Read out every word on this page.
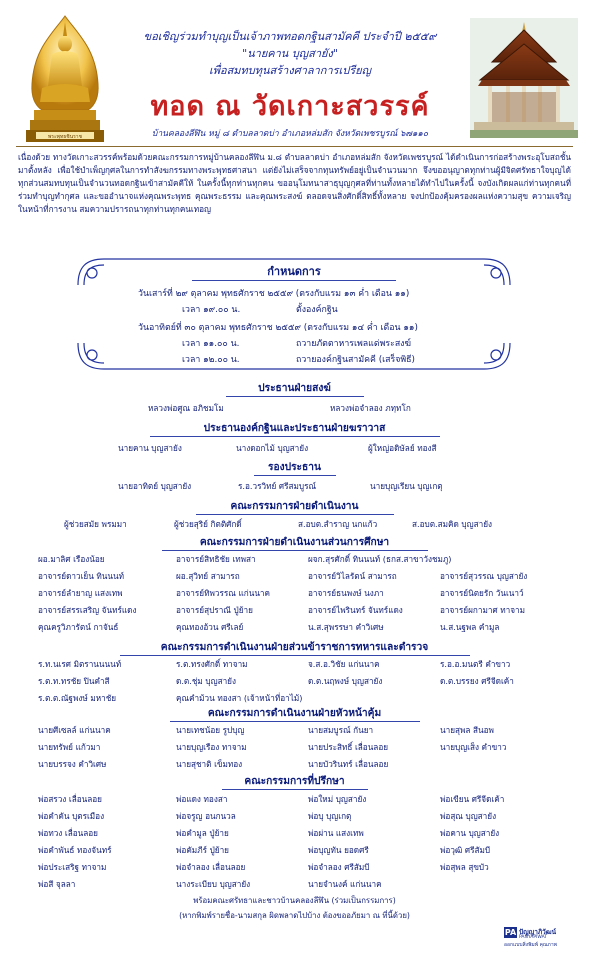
พระพุทธชินราช
ขอเชิญร่วมทำบุญเป็นเจ้าภาพทอดกฐินสามัคคี ประจำปี ๒๕๕๙
"นายคาน บุญสายัง"
เพื่อสมทบทุนสร้างศาลาการเปรียญ
ทอด ณ วัดเกาะสวรรค์
บ้านคลองลีฬิน หมู่ ๘ ตำบลลาดบ่า อำเภอหล่มสัก จังหวัดเพชรบูรณ์ ๖๗๑๑๐
เนื่องด้วย ทางวัดเกาะสวรรค์พร้อมด้วยคณะกรรมการหมู่บ้านคลองลีฬิน ม.๘ ตำบลลาดบ่า อำเภอหล่มสัก จังหวัดเพชรบูรณ์ ได้ดำเนินการก่อสร้างพระอุโบสถชั้นมาตั้งหลัง เพื่อใช้บำเพ็ญกุศลในการทำสังฆกรรมทางพระพุทธศาสนา แต่ยังไม่เสร็จจากทุนทรัพย์อยู่เป็นจำนวนมาก จึงขออนุญาตทุกท่านผู้มีจิตศรัทธาใจบุญได้ทุกส่วนสมทบทุนเป็นจำนวนทอดกฐินเข้าสามัคคีให้ ในครั้งนี้ทุกท่านทุกคน ขออนุโมทนาสาธุบุญกุศลที่ท่านทั้งหลายได้ทำไปในครั้งนี้ จงบังเกิดผลแก่ท่านทุกคนที่ร่วมทำบุญทำกุศล และขออำนาจแห่งคุณพระพุทธ คุณพระธรรม และคุณพระสงฆ์ ตลอดจนสิ่งศักดิ์สิทธิ์ทั้งหลาย จงปกป้องคุ้มครองผลแห่งความสุข ความเจริญ ในหน้าที่การงาน สมความปรารถนาทุกท่านทุกคนเทอญ
กำหนดการ
วันเสาร์ที่ ๒๙ ตุลาคม พุทธศักราช ๒๕๕๙ (ตรงกับแรม ๑๓ ค่ำ เดือน ๑๑)
เวลา ๑๙.๐๐ น.	ตั้งองค์กฐิน
วันอาทิตย์ที่ ๓๐ ตุลาคม พุทธศักราช ๒๕๕๙ (ตรงกับแรม ๑๔ ค่ำ เดือน ๑๑)
เวลา ๑๑.๐๐ น.	ถวายภัตตาหารเพลแด่พระสงฆ์
เวลา ๑๒.๐๐ น.	ถวายองค์กฐินสามัคคี (เสร็จพิธี)
ประธานฝ่ายสงฆ์
หลวงพ่อศูณ อภิชมโม	หลวงพ่อจำลอง ภทฺทโก
ประธานองค์กฐินและประธานฝ่ายฆราวาส
นายคาน บุญสายัง	นางดอกไม้ บุญสายัง	ผู้ใหญ่อดิษัลย์ ทองสี
รองประธาน
นายอาทิตย์ บุญสายัง	ร.อ.วรวิทย์ ศรีสมบูรณ์	นายบุญเรียน บุญเกตุ
คณะกรรมการฝ่ายดำเนินงาน
ผู้ช่วยสมัย พรมมา	ผู้ช่วยสุริย์ กิตติศักดิ์	ส.อบต.สำราญ นกแก้ว	ส.อบต.สมคิด บุญสายัง
คณะกรรมการฝ่ายดำเนินงานส่วนการศึกษา
ผอ.มาลิศ เรืองน้อย	อาจารย์สิทธิชัย เทพสา	ผจก.สุรศักดิ์ ทินนนท์ (ธกส.สาขาวังชมภู)
อาจารย์ดาวเย็น ทินนนท์	ผอ.สุวิทย์ สามารถ	อาจารย์วิไลรัตน์ สามารถ	อาจารย์สุวรรณ บุญสายัง
อาจารย์ลำยาญ แสงเทพ	อาจารย์ทิพวรรณ แก่นนาค	อาจารย์ธนพงษ์ นงภา	อาจารย์นิตยรัก วันเนาว์
อาจารย์สรรเสริญ จันทร์แดง	อาจารย์สุปราณี ปู่ย้าย	อาจารย์ไพรินทร์ จันทร์แดง	อาจารย์ผกามาศ ทาจาม
คุณครูวิภารัตน์ กาจันธ์	คุณทองอ้วน ศรีเลย์	น.ส.สุพรรษา คำวิเศษ	น.ส.นฐพล คำมูล
คณะกรรมการดำเนินงานฝ่ายส่วนข้าราชการทหารและตำรวจ
ร.ท.นเรศ มิตรานนนนท์	ร.ต.ทรงศักดิ์ ทาจาม	จ.ส.อ.วิชัย แก่นนาค	ร.อ.อ.มนตรี คำขาว
ร.ต.ท.ทรชัย ปินคำสี	ด.ต.ชุ่ม บุญสายัง	ด.ต.นฤพงษ์ บุญสายัง	ด.ต.บรรยง ศรีจีดเค้า
ร.ต.ต.ณัฐพงษ์ มหาชัย	คุณคำม้วน ทองสา (เจ้าหน้าที่อาไม้)
คณะกรรมการดำเนินงานฝ่ายหัวหน้าคุ้ม
นายศีเซลล์ แก่นนาค	นายเทชน้อย รูปบุญ	นายสมบูรณ์ กันยา	นายสุพล สีนอพ
นายทรัพย์ แก้วมา	นายบุญเรือง ทาจาม	นายประสิทธิ์ เลื่อนลอย	นายบุญเส็ง คำขาว
นายบรรจง คำวิเศษ	นายสุชาติ เข็มทอง	นายบัวรินทร์ เลื่อนลอย
คณะกรรมการที่ปรึกษา
พ่อสรวง เลื่อนลอย	พ่อแดง ทองสา	พ่อใหม่ บุญสายัง	พ่อเขียน ศรีจีดเค้า
พ่อคำคัน บุตรเมือง	พ่อจรูญ อนกนวล	พ่อบุ บุญเกตุ	พ่อสุณ บุญสายัง
พ่อทวง เลื่อนลอย	พ่อคำมูล ปู่ย้าย	พ่อผ่าน แสงเทพ	พ่อคาน บุญสายัง
พ่อคำพันธ์ ทองจันทร์	พ่อคัมภีร์ ปู่ย้าย	พ่อบุญทัน ยอดศรี	พ่อวุฒิ ศรีสัมบี
พ่อประเสริฐ ทาจาม	พ่อจำลอง เลื่อนลอย	พ่อจำลอง ศรีสัมบี	พ่อสุพล สุขบัว
พ่อสี จุลลา	นางระเบียบ บุญสายัง	นายจำนงค์ แก่นนาค
พร้อมคณะศรัทธาและชาวบ้านคลองลีฬิน (ร่วมเป็นกรรมการ)
(หากพิมพ์รายชื่อ-นามสกุล ผิดพลาดไปบ้าง ต้องขออภัยมา ณ ที่นี้ด้วย)
PA ปัญญาภิวัฒน์
PANYAPIWAT
ออกแบบสิ่งพิมพ์ คุณภาพ
